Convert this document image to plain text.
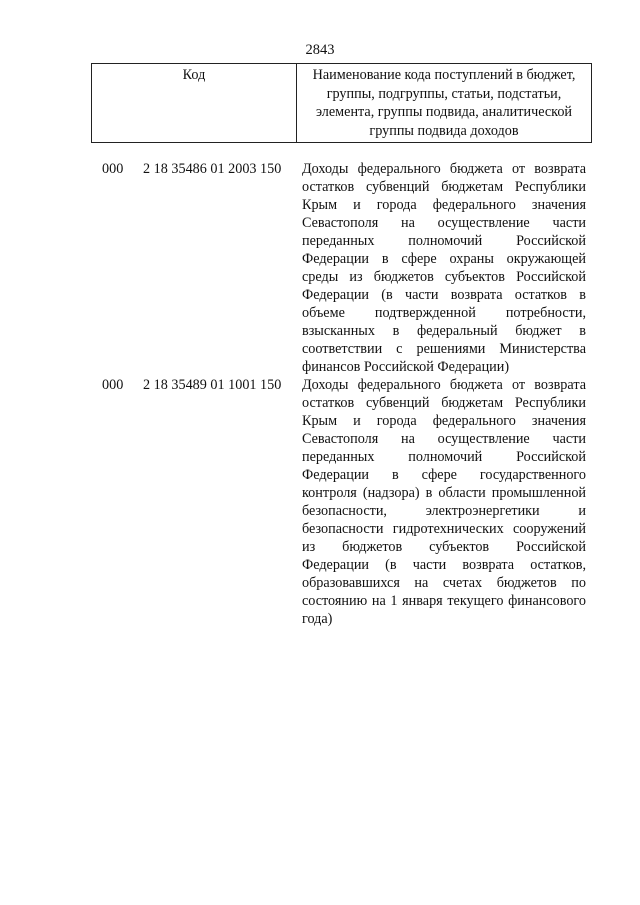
2843
Код	Наименование кода поступлений в бюджет, группы, подгруппы, статьи, подстатьи, элемента, группы подвида, аналитической группы подвида доходов
000 2 18 35486 01 2003 150 Доходы федерального бюджета от возврата остатков субвенций бюджетам Республики Крым и города федерального значения Севастополя на осуществление части переданных полномочий Российской Федерации в сфере охраны окружающей среды из бюджетов субъектов Российской Федерации (в части возврата остатков в объеме подтвержденной потребности, взысканных в федеральный бюджет в соответствии с решениями Министерства финансов Российской Федерации)
000 2 18 35489 01 1001 150 Доходы федерального бюджета от возврата остатков субвенций бюджетам Республики Крым и города федерального значения Севастополя на осуществление части переданных полномочий Российской Федерации в сфере государственного контроля (надзора) в области промышленной безопасности, электроэнергетики и безопасности гидротехнических сооружений из бюджетов субъектов Российской Федерации (в части возврата остатков, образовавшихся на счетах бюджетов по состоянию на 1 января текущего финансового года)
